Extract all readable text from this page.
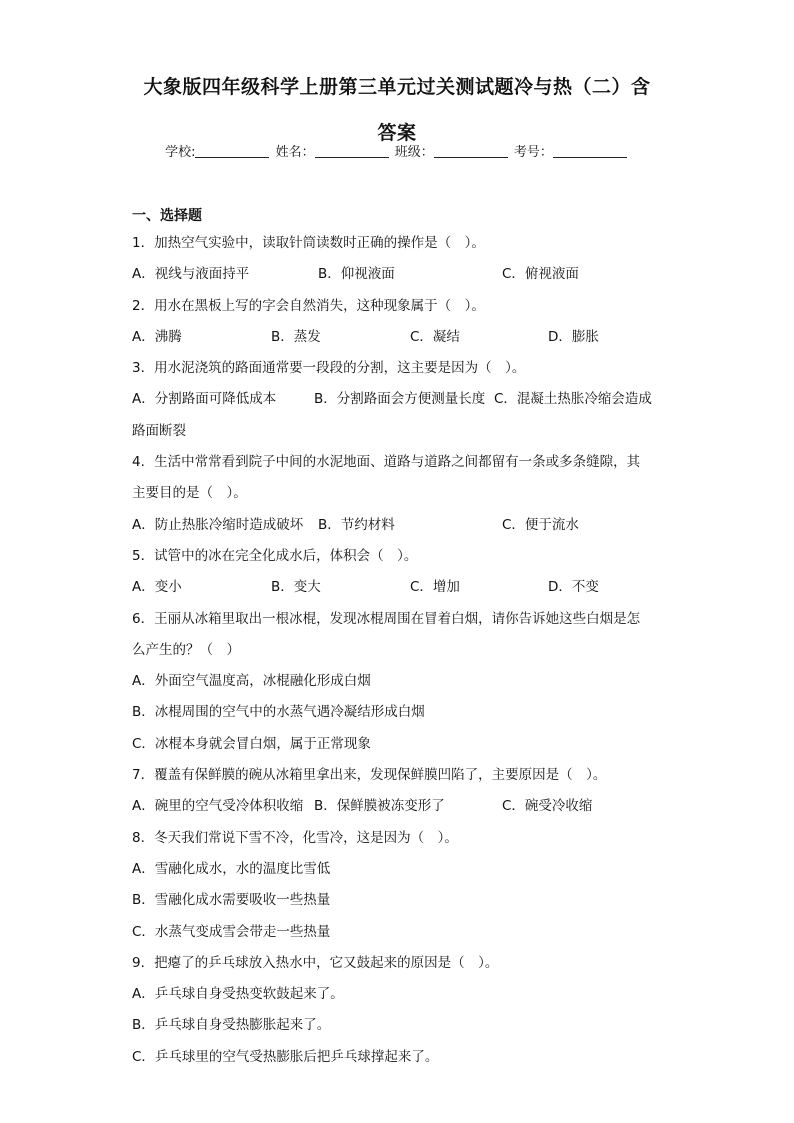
大象版四年级科学上册第三单元过关测试题冷与热（二）含
答案
学校:	姓名：	班级：	考号：
一、选择题
1．加热空气实验中，读取针筒读数时正确的操作是（　）。
A．视线与液面持平	B．仰视液面	C．俯视液面
2．用水在黑板上写的字会自然消失，这种现象属于（　）。
A．沸腾	B．蒸发	C．凝结	D．膨胀
3．用水泥浇筑的路面通常要一段段的分割，这主要是因为（　）。
A．分割路面可降低成本	B．分割路面会方便测量长度 C．混凝土热胀冷缩会造成
路面断裂
4．生活中常常看到院子中间的水泥地面、道路与道路之间都留有一条或多条缝隙，其
主要目的是（　）。
A．防止热胀冷缩时造成破坏 B．节约材料	C．便于流水
5．试管中的冰在完全化成水后，体积会（　）。
A．变小	B．变大	C．增加	D．不变
6．王丽从冰箱里取出一根冰棍，发现冰棍周围在冒着白烟，请你告诉她这些白烟是怎
么产生的？（　）
A．外面空气温度高，冰棍融化形成白烟
B．冰棍周围的空气中的水蒸气遇冷凝结形成白烟
C．冰棍本身就会冒白烟，属于正常现象
7．覆盖有保鲜膜的碗从冰箱里拿出来，发现保鲜膜凹陷了，主要原因是（　）。
A．碗里的空气受冷体积收缩 B．保鲜膜被冻变形了	C．碗受冷收缩
8．冬天我们常说下雪不冷，化雪冷，这是因为（　）。
A．雪融化成水，水的温度比雪低
B．雪融化成水需要吸收一些热量
C．水蒸气变成雪会带走一些热量
9．把瘪了的乒乓球放入热水中，它又鼓起来的原因是（　）。
A．乒乓球自身受热变软鼓起来了。
B．乒乓球自身受热膨胀起来了。
C．乒乓球里的空气受热膨胀后把乒乓球撑起来了。
